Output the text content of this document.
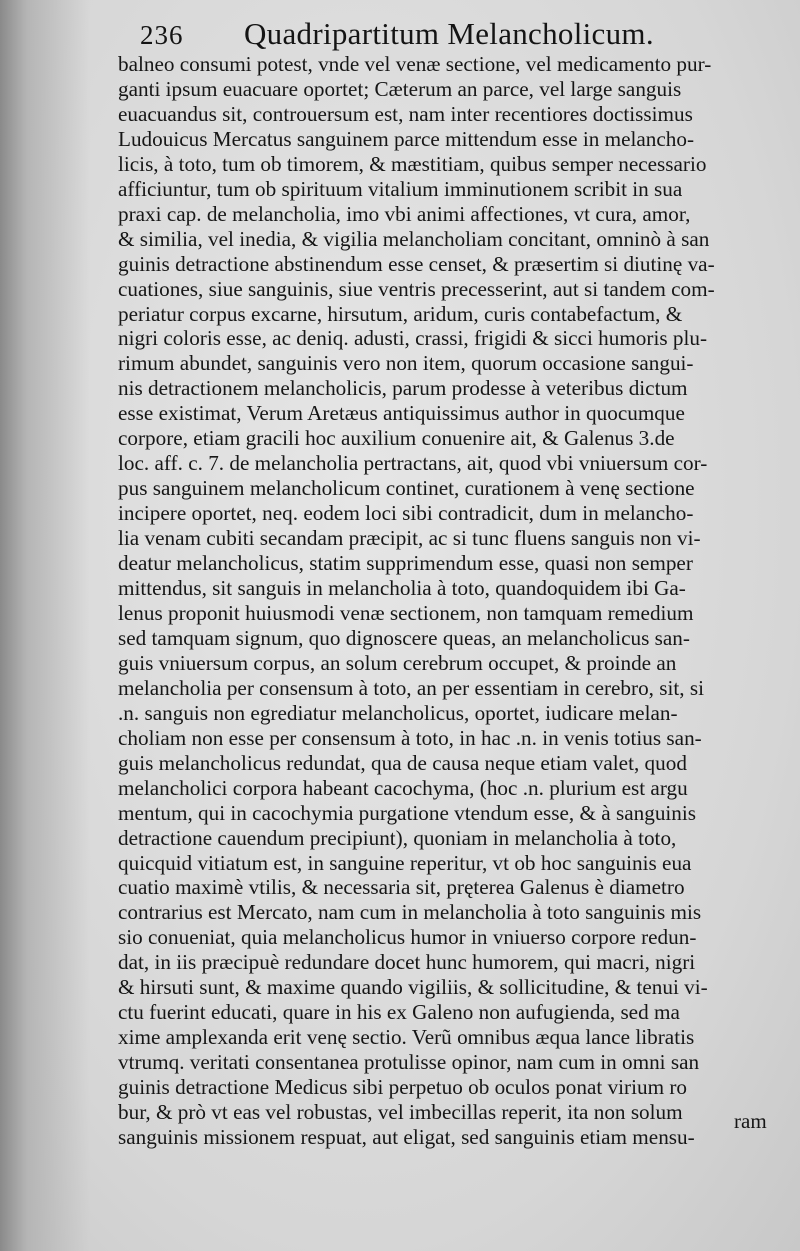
236 Quadripartitum Melancholicum.
balneo consumi potest, vnde vel venæ sectione, vel medicamento pur-
ganti ipsum euacuare oportet; Cæterum an parce, vel large sanguis
euacuandus sit, controuersum est, nam inter recentiores doctissimus
Ludouicus Mercatus sanguinem parce mittendum esse in melancho-
licis, à toto, tum ob timorem, & mæstitiam, quibus semper necessario
afficiuntur, tum ob spirituum vitalium imminutionem scribit in sua
praxi cap. de melancholia, imo vbi animi affectiones, vt cura, amor,
& similia, vel inedia, & vigilia melancholiam concitant, omninò à san
guinis detractione abstinendum esse censet, & præsertim si diutinę va-
cuationes, siue sanguinis, siue ventris precesserint, aut si tandem com-
periatur corpus excarne, hirsutum, aridum, curis contabefactum, &
nigri coloris esse, ac deniq. adusti, crassi, frigidi & sicci humoris plu-
rimum abundet, sanguinis vero non item, quorum occasione sangui-
nis detractionem melancholicis, parum prodesse à veteribus dictum
esse existimat, Verum Aretæus antiquissimus author in quocumque
corpore, etiam gracili hoc auxilium conuenire ait, & Galenus 3.de
loc. aff. c. 7. de melancholia pertractans, ait, quod vbi vniuersum cor-
pus sanguinem melancholicum continet, curationem à venę sectione
incipere oportet, neq. eodem loci sibi contradicit, dum in melancho-
lia venam cubiti secandam præcipit, ac si tunc fluens sanguis non vi-
deatur melancholicus, statim supprimendum esse, quasi non semper
mittendus, sit sanguis in melancholia à toto, quandoquidem ibi Ga-
lenus proponit huiusmodi venæ sectionem, non tamquam remedium
sed tamquam signum, quo dignoscere queas, an melancholicus san-
guis vniuersum corpus, an solum cerebrum occupet, & proinde an
melancholia per consensum à toto, an per essentiam in cerebro, sit, si
.n. sanguis non egrediatur melancholicus, oportet, iudicare melan-
choliam non esse per consensum à toto, in hac .n. in venis totius san-
guis melancholicus redundat, qua de causa neque etiam valet, quod
melancholici corpora habeant cacochyma, (hoc .n. plurium est argu
mentum, qui in cacochymia purgatione vtendum esse, & à sanguinis
detractione cauendum precipiunt), quoniam in melancholia à toto,
quicquid vitiatum est, in sanguine reperitur, vt ob hoc sanguinis eua
cuatio maximè vtilis, & necessaria sit, pręterea Galenus è diametro
contrarius est Mercato, nam cum in melancholia à toto sanguinis mis
sio conueniat, quia melancholicus humor in vniuerso corpore redun-
dat, in iis præcipuè redundare docet hunc humorem, qui macri, nigri
& hirsuti sunt, & maxime quando vigiliis, & sollicitudine, & tenui vi-
ctu fuerint educati, quare in his ex Galeno non aufugienda, sed ma
xime amplexanda erit venę sectio. Verũ omnibus æqua lance libratis
vtrumq. veritati consentanea protulisse opinor, nam cum in omni san
guinis detractione Medicus sibi perpetuo ob oculos ponat virium ro
bur, & prò vt eas vel robustas, vel imbecillas reperit, ita non solum
sanguinis missionem respuat, aut eligat, sed sanguinis etiam mensu-
ram
